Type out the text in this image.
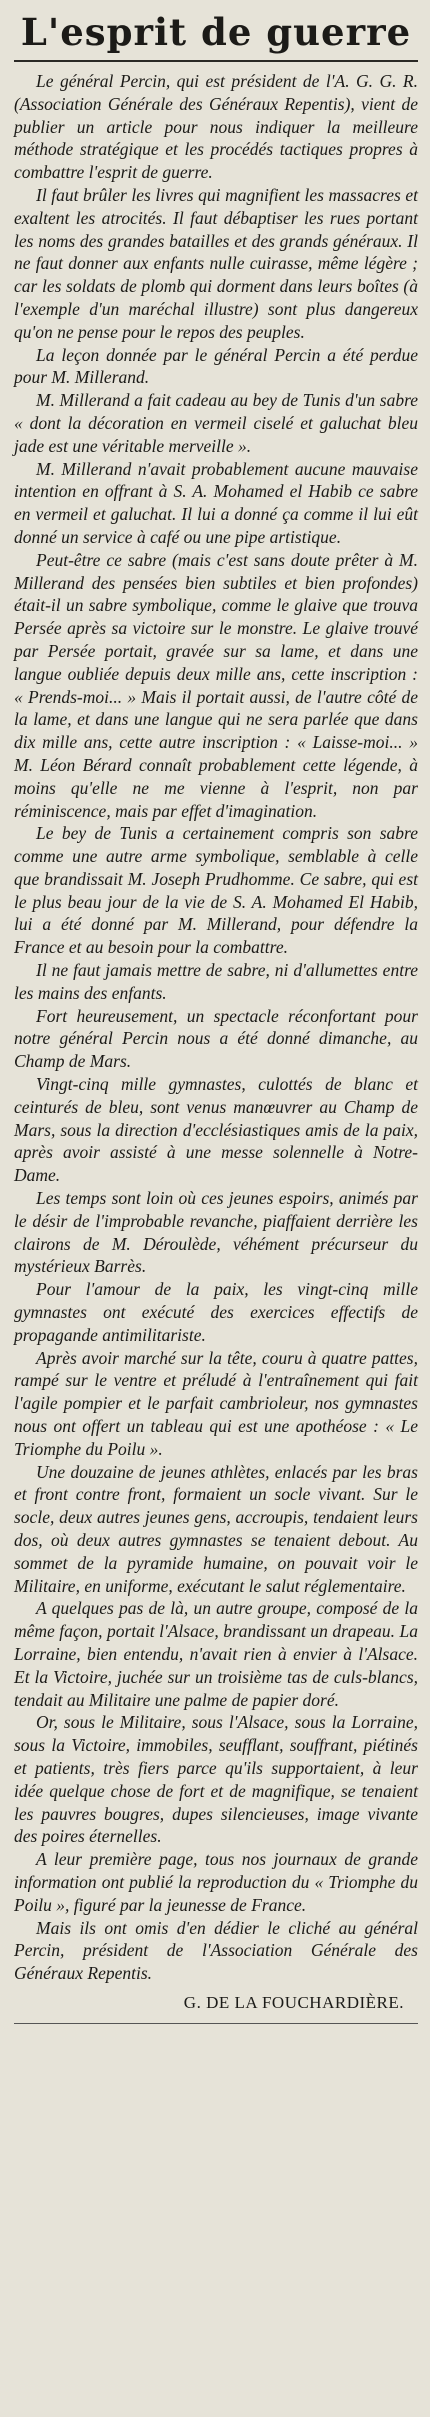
L'esprit de guerre

Le général Percin, qui est président de l'A. G. G. R. (Association Générale des Généraux Repentis), vient de publier un article pour nous indiquer la meilleure méthode stratégique et les procédés tactiques propres à combattre l'esprit de guerre.

Il faut brûler les livres qui magnifient les massacres et exaltent les atrocités. Il faut débaptiser les rues portant les noms des grandes batailles et des grands généraux. Il ne faut donner aux enfants nulle cuirasse, même légère ; car les soldats de plomb qui dorment dans leurs boîtes (à l'exemple d'un maréchal illustre) sont plus dangereux qu'on ne pense pour le repos des peuples.

La leçon donnée par le général Percin a été perdue pour M. Millerand.

M. Millerand a fait cadeau au bey de Tunis d'un sabre « dont la décoration en vermeil ciselé et galuchat bleu jade est une véritable merveille ».

M. Millerand n'avait probablement aucune mauvaise intention en offrant à S. A. Mohamed el Habib ce sabre en vermeil et galuchat. Il lui a donné ça comme il lui eût donné un service à café ou une pipe artistique.

Peut-être ce sabre (mais c'est sans doute prêter à M. Millerand des pensées bien subtiles et bien profondes) était-il un sabre symbolique, comme le glaive que trouva Persée après sa victoire sur le monstre. Le glaive trouvé par Persée portait, gravée sur sa lame, et dans une langue oubliée depuis deux mille ans, cette inscription : « Prends-moi... » Mais il portait aussi, de l'autre côté de la lame, et dans une langue qui ne sera parlée que dans dix mille ans, cette autre inscription : « Laisse-moi... » M. Léon Bérard connaît probablement cette légende, à moins qu'elle ne me vienne à l'esprit, non par réminiscence, mais par effet d'imagination.

Le bey de Tunis a certainement compris son sabre comme une autre arme symbolique, semblable à celle que brandissait M. Joseph Prudhomme. Ce sabre, qui est le plus beau jour de la vie de S. A. Mohamed El Habib, lui a été donné par M. Millerand, pour défendre la France et au besoin pour la combattre.

Il ne faut jamais mettre de sabre, ni d'allumettes entre les mains des enfants.

Fort heureusement, un spectacle réconfortant pour notre général Percin nous a été donné dimanche, au Champ de Mars.

Vingt-cinq mille gymnastes, culottés de blanc et ceinturés de bleu, sont venus manœuvrer au Champ de Mars, sous la direction d'ecclésiastiques amis de la paix, après avoir assisté à une messe solennelle à Notre-Dame.

Les temps sont loin où ces jeunes espoirs, animés par le désir de l'improbable revanche, piaffaient derrière les clairons de M. Déroulède, véhément précurseur du mystérieux Barrès.

Pour l'amour de la paix, les vingt-cinq mille gymnastes ont exécuté des exercices effectifs de propagande antimilitariste.

Après avoir marché sur la tête, couru à quatre pattes, rampé sur le ventre et préludé à l'entraînement qui fait l'agile pompier et le parfait cambrioleur, nos gymnastes nous ont offert un tableau qui est une apothéose : « Le Triomphe du Poilu ».

Une douzaine de jeunes athlètes, enlacés par les bras et front contre front, formaient un socle vivant. Sur le socle, deux autres jeunes gens, accroupis, tendaient leurs dos, où deux autres gymnastes se tenaient debout. Au sommet de la pyramide humaine, on pouvait voir le Militaire, en uniforme, exécutant le salut réglementaire.

A quelques pas de là, un autre groupe, composé de la même façon, portait l'Alsace, brandissant un drapeau. La Lorraine, bien entendu, n'avait rien à envier à l'Alsace. Et la Victoire, juchée sur un troisième tas de culs-blancs, tendait au Militaire une palme de papier doré.

Or, sous le Militaire, sous l'Alsace, sous la Lorraine, sous la Victoire, immobiles, seufflant, souffrant, piétinés et patients, très fiers parce qu'ils supportaient, à leur idée quelque chose de fort et de magnifique, se tenaient les pauvres bougres, dupes silencieuses, image vivante des poires éternelles.

A leur première page, tous nos journaux de grande information ont publié la reproduction du « Triomphe du Poilu », figuré par la jeunesse de France.

Mais ils ont omis d'en dédier le cliché au général Percin, président de l'Association Générale des Généraux Repentis.

G. DE LA FOUCHARDIÈRE.
